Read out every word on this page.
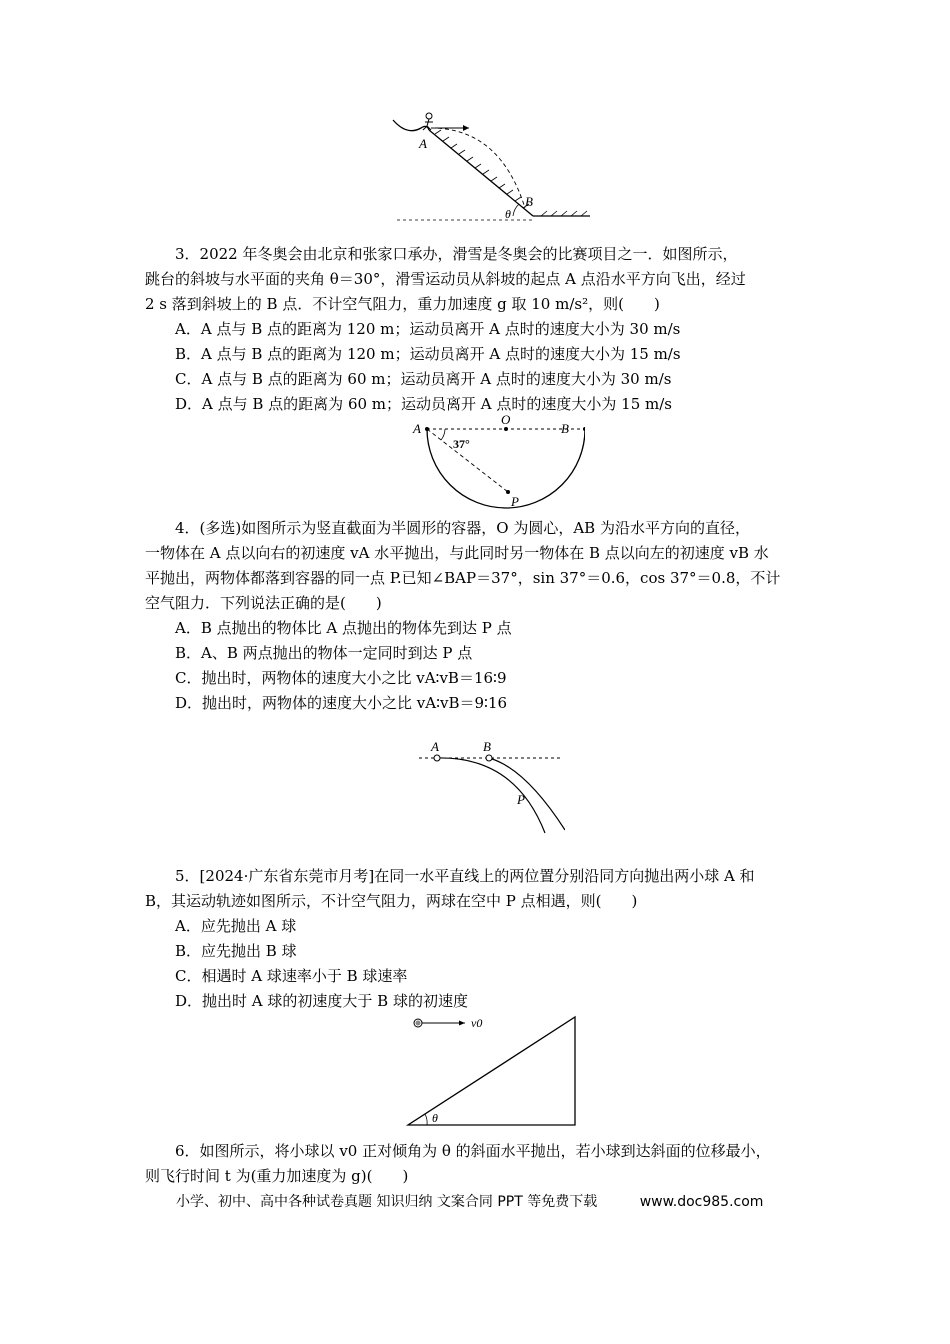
A
B
θ
3．2022 年冬奥会由北京和张家口承办，滑雪是冬奥会的比赛项目之一．如图所示，
跳台的斜坡与水平面的夹角 θ＝30°，滑雪运动员从斜坡的起点 A 点沿水平方向飞出，经过
2 s 落到斜坡上的 B 点．不计空气阻力，重力加速度 g 取 10 m/s²，则(　　)
A．A 点与 B 点的距离为 120 m；运动员离开 A 点时的速度大小为 30 m/s
B．A 点与 B 点的距离为 120 m；运动员离开 A 点时的速度大小为 15 m/s
C．A 点与 B 点的距离为 60 m；运动员离开 A 点时的速度大小为 30 m/s
D．A 点与 B 点的距离为 60 m；运动员离开 A 点时的速度大小为 15 m/s
A
O
B
P
37°
4．(多选)如图所示为竖直截面为半圆形的容器，O 为圆心，AB 为沿水平方向的直径，
一物体在 A 点以向右的初速度 vA 水平抛出，与此同时另一物体在 B 点以向左的初速度 vB 水
平抛出，两物体都落到容器的同一点 P.已知∠BAP＝37°，sin 37°＝0.6，cos 37°＝0.8，不计
空气阻力．下列说法正确的是(　　)
A．B 点抛出的物体比 A 点抛出的物体先到达 P 点
B．A、B 两点抛出的物体一定同时到达 P 点
C．抛出时，两物体的速度大小之比 vA∶vB＝16∶9
D．抛出时，两物体的速度大小之比 vA∶vB＝9∶16
A	B
P
5．[2024·广东省东莞市月考]在同一水平直线上的两位置分别沿同方向抛出两小球 A 和
B，其运动轨迹如图所示，不计空气阻力，两球在空中 P 点相遇，则(　　)
A．应先抛出 A 球
B．应先抛出 B 球
C．相遇时 A 球速率小于 B 球速率
D．抛出时 A 球的初速度大于 B 球的初速度
v0
θ
6．如图所示，将小球以 v0 正对倾角为 θ 的斜面水平抛出，若小球到达斜面的位移最小，
则飞行时间 t 为(重力加速度为 g)(　　)
小学、初中、高中各种试卷真题 知识归纳 文案合同 PPT 等免费下载	www.doc985.com
